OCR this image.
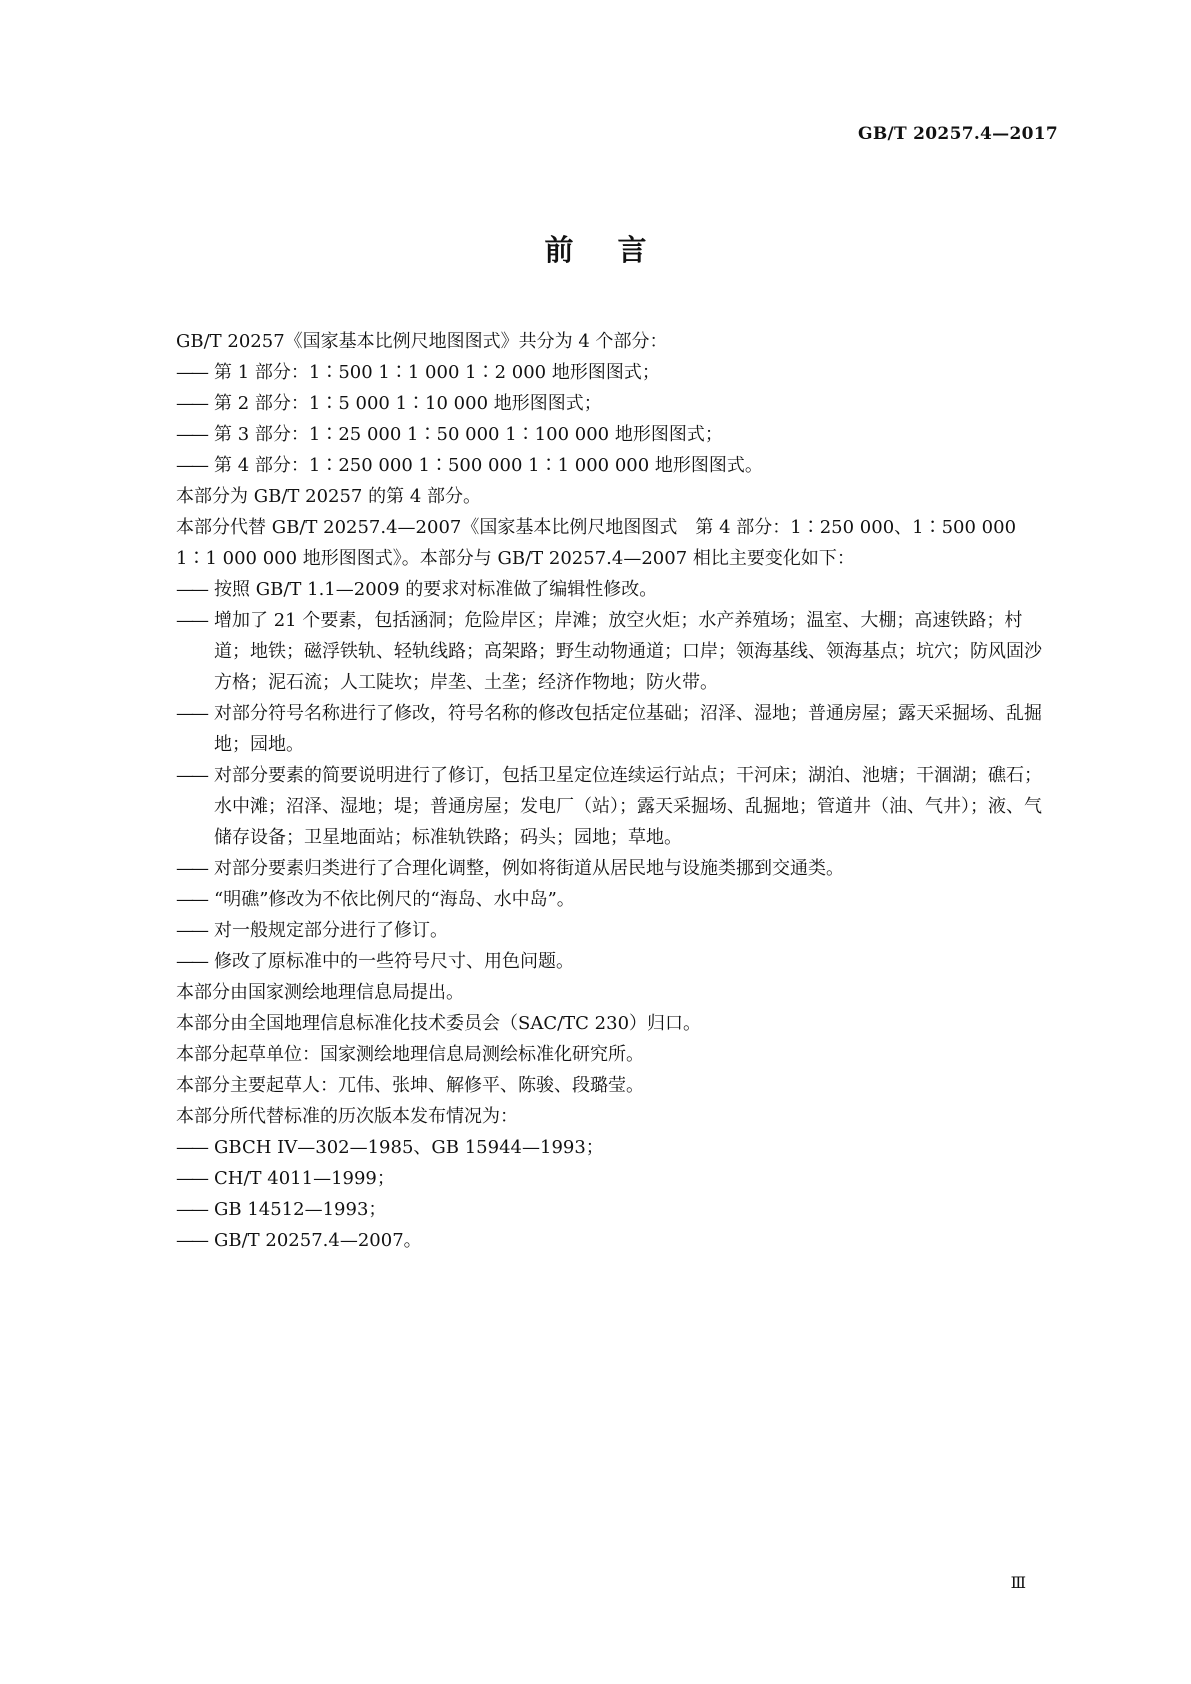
GB/T 20257.4—2017
前言
GB/T 20257《国家基本比例尺地图图式》共分为 4 个部分：
——第 1 部分：1∶500 1∶1 000 1∶2 000 地形图图式；
——第 2 部分：1∶5 000 1∶10 000 地形图图式；
——第 3 部分：1∶25 000 1∶50 000 1∶100 000 地形图图式；
——第 4 部分：1∶250 000 1∶500 000 1∶1 000 000 地形图图式。
本部分为 GB/T 20257 的第 4 部分。
本部分代替 GB/T 20257.4—2007《国家基本比例尺地图图式　第 4 部分：1∶250 000、1∶500 000
1∶1 000 000 地形图图式》。本部分与 GB/T 20257.4—2007 相比主要变化如下：
——按照 GB/T 1.1—2009 的要求对标准做了编辑性修改。
——增加了 21 个要素，包括涵洞；危险岸区；岸滩；放空火炬；水产养殖场；温室、大棚；高速铁路；村道；地铁；磁浮铁轨、轻轨线路；高架路；野生动物通道；口岸；领海基线、领海基点；坑穴；防风固沙方格；泥石流；人工陡坎；岸垄、土垄；经济作物地；防火带。
——对部分符号名称进行了修改，符号名称的修改包括定位基础；沼泽、湿地；普通房屋；露天采掘场、乱掘地；园地。
——对部分要素的简要说明进行了修订，包括卫星定位连续运行站点；干河床；湖泊、池塘；干涸湖；礁石；水中滩；沼泽、湿地；堤；普通房屋；发电厂（站）；露天采掘场、乱掘地；管道井（油、气井）；液、气储存设备；卫星地面站；标准轨铁路；码头；园地；草地。
——对部分要素归类进行了合理化调整，例如将街道从居民地与设施类挪到交通类。
——“明礁”修改为不依比例尺的“海岛、水中岛”。
——对一般规定部分进行了修订。
——修改了原标准中的一些符号尺寸、用色问题。
本部分由国家测绘地理信息局提出。
本部分由全国地理信息标准化技术委员会（SAC/TC 230）归口。
本部分起草单位：国家测绘地理信息局测绘标准化研究所。
本部分主要起草人：兀伟、张坤、解修平、陈骏、段璐莹。
本部分所代替标准的历次版本发布情况为：
——GBCH IV—302—1985、GB 15944—1993；
——CH/T 4011—1999；
——GB 14512—1993；
——GB/T 20257.4—2007。
Ⅲ
